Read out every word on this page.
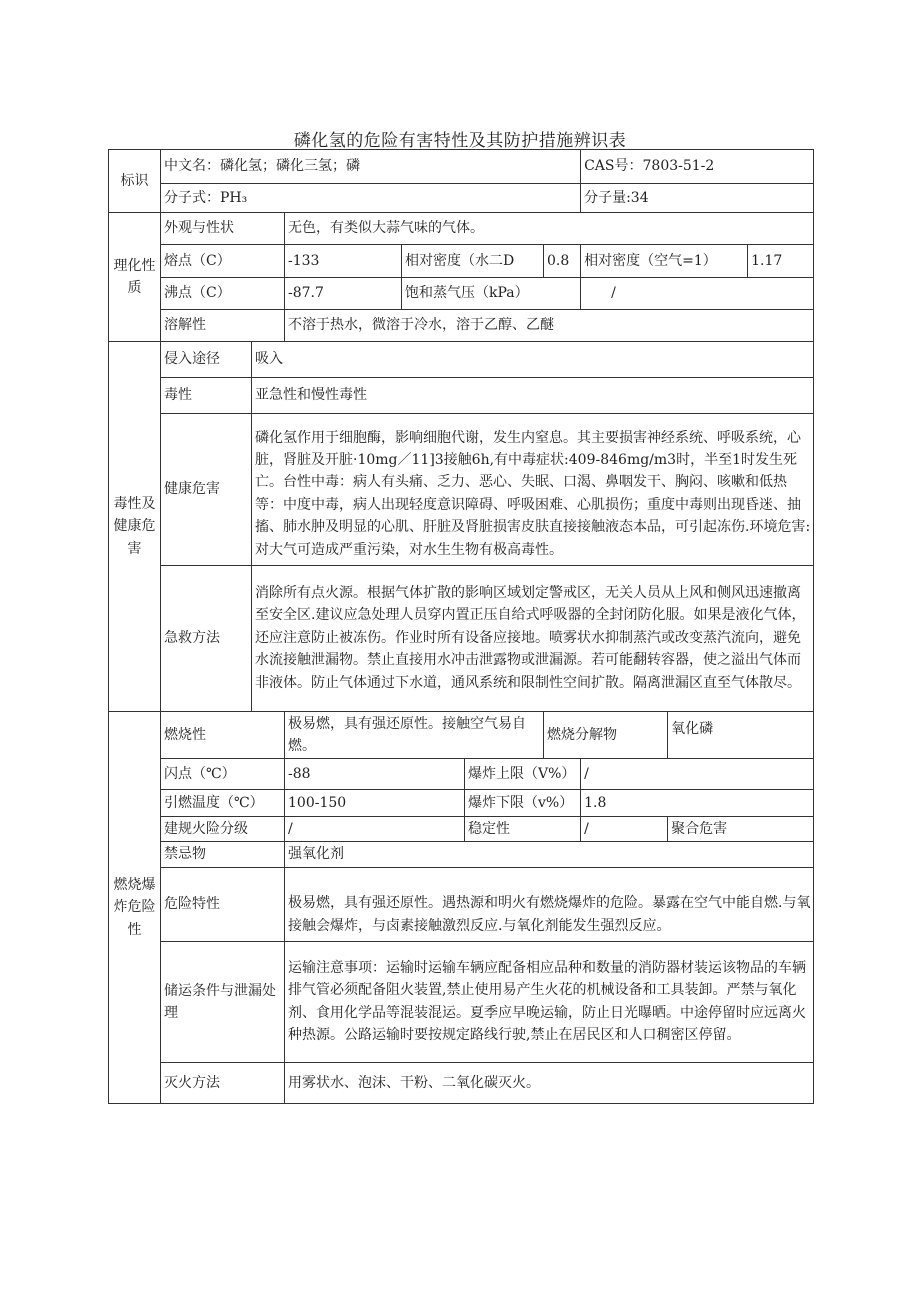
磷化氢的危险有害特性及其防护措施辨识表
标识	中文名：磷化氢；磷化三氢；磷						CAS号：7803-51-2			
	分子式：PH₃						分子量:34			
理化性质	外观与性状		无色，有类似大蒜气味的气体。							
	熔点（C）		-133	相对密度（水二D		0.8	相对密度（空气=1）		1.17	
	沸点（C）		-87.7	饱和蒸气压（kPa）			/			
	溶解性		不溶于热水，微溶于冷水，溶于乙醇、乙醚							
毒性及健康危害	侵入途径	吸入								
	毒性	亚急性和慢性毒性								
	健康危害	磷化氢作用于细胞酶，影响细胞代谢，发生内窒息。其主要损害神经系统、呼吸系统，心脏，肾脏及开脏·10mg／11]3接触6h,有中毒症状:409-846mg/m3时，半至1时发生死亡。台性中毒：病人有头痛、乏力、恶心、失眠、口渴、鼻咽发干、胸闷、咳嗽和低热等：中度中毒，病人出现轻度意识障碍、呼吸困难、心肌损伤；重度中毒则出现昏迷、抽搐、肺水肿及明显的心肌、肝脏及肾脏损害皮肤直接接触液态本品，可引起冻伤.环境危害:对大气可造成严重污染，对水生生物有极高毒性。								
	急救方法	消除所有点火源。根据气体扩散的影响区域划定警戒区，无关人员从上风和侧风迅速撤离至安全区.建议应急处理人员穿内置正压自给式呼吸器的全封闭防化服。如果是液化气体，还应注意防止被冻伤。作业时所有设备应接地。喷雾状水抑制蒸汽或改变蒸汽流向，避免水流接触泄漏物。禁止直接用水冲击泄露物或泄漏源。若可能翻转容器，使之溢出气体而非液体。防止气体通过下水道，通风系统和限制性空间扩散。隔离泄漏区直至气体散尽。								
燃烧爆炸危险性	燃烧性		极易燃，具有强还原性。接触空气易自燃。			燃烧分解物		氧化磷		
	闪点（℃）		-88		爆炸上限（V%）		/			
	引燃温度（℃）		100-150		爆炸下限（v%）		1.8			
	建规火险分级		/		稳定性		/	聚合危害	
	禁忌物		强氧化剂							
	危险特性		极易燃，具有强还原性。遇热源和明火有燃烧爆炸的危险。暴露在空气中能自燃.与氧接触会爆炸，与卤素接触激烈反应.与氧化剂能发生强烈反应。							
	储运条件与泄漏处理		运输注意事项：运输时运输车辆应配备相应品种和数量的消防器材装运该物品的车辆排气管必须配备阻火装置,禁止使用易产生火花的机械设备和工具装卸。严禁与氧化剂、食用化学品等混装混运。夏季应早晚运输，防止日光曝晒。中途停留时应远离火种热源。公路运输时要按规定路线行驶,禁止在居民区和人口稠密区停留。							
	灭火方法		用雾状水、泡沫、干粉、二氧化碳灭火。							
